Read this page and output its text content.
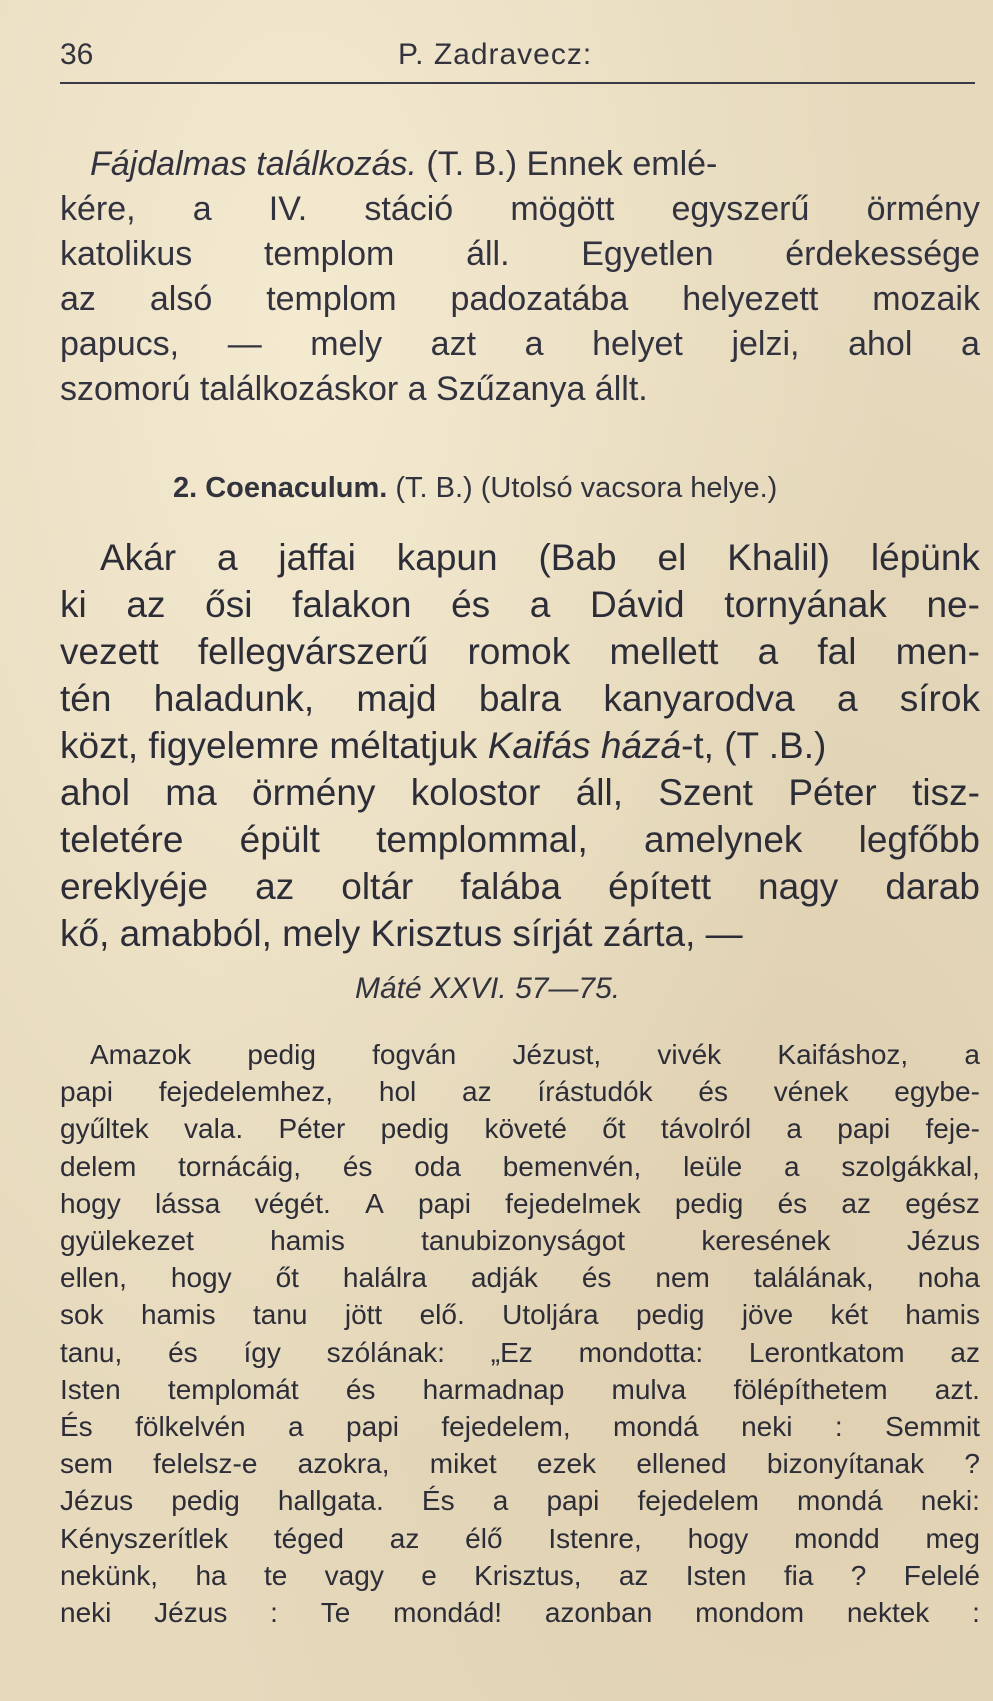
36	P. Zadravecz:
Fájdalmas találkozás. (T. B.) Ennek emlé-
kére, a IV. stáció mögött egyszerű örmény
katolikus templom áll. Egyetlen érdekessége
az alsó templom padozatába helyezett mozaik
papucs, — mely azt a helyet jelzi, ahol a
szomorú találkozáskor a Szűzanya állt.
2. Coenaculum. (T. B.) (Utolsó vacsora helye.)
Akár a jaffai kapun (Bab el Khalil) lépünk
ki az ősi falakon és a Dávid tornyának ne-
vezett fellegvárszerű romok mellett a fal men-
tén haladunk, majd balra kanyarodva a sírok
közt, figyelemre méltatjuk Kaifás házá-t, (T .B.)
ahol ma örmény kolostor áll, Szent Péter tisz-
teletére épült templommal, amelynek legfőbb
ereklyéje az oltár falába épített nagy darab
kő, amabból, mely Krisztus sírját zárta, —
Máté XXVI. 57—75.
Amazok pedig fogván Jézust, vivék Kaifáshoz, a
papi fejedelemhez, hol az írástudók és vének egybe-
gyűltek vala. Péter pedig követé őt távolról a papi feje-
delem tornácáig, és oda bemenvén, leüle a szolgákkal,
hogy lássa végét. A papi fejedelmek pedig és az egész
gyülekezet	hamis	tanubizonyságot	keresének	Jézus
ellen, hogy őt halálra adják és nem találának, noha
sok hamis tanu jött elő. Utoljára pedig jöve két hamis
tanu, és így szólának: „Ez mondotta: Lerontkatom az
Isten templomát és harmadnap mulva fölépíthetem azt.
És fölkelvén a papi fejedelem, mondá neki : Semmit
sem felelsz-e azokra, miket ezek ellened bizonyítanak ?
Jézus pedig hallgata. És a papi fejedelem mondá neki:
Kényszerítlek téged az élő Istenre, hogy mondd meg
nekünk, ha te vagy e Krisztus, az Isten fia ? Felelé
neki Jézus : Te mondád! azonban mondom nektek :
